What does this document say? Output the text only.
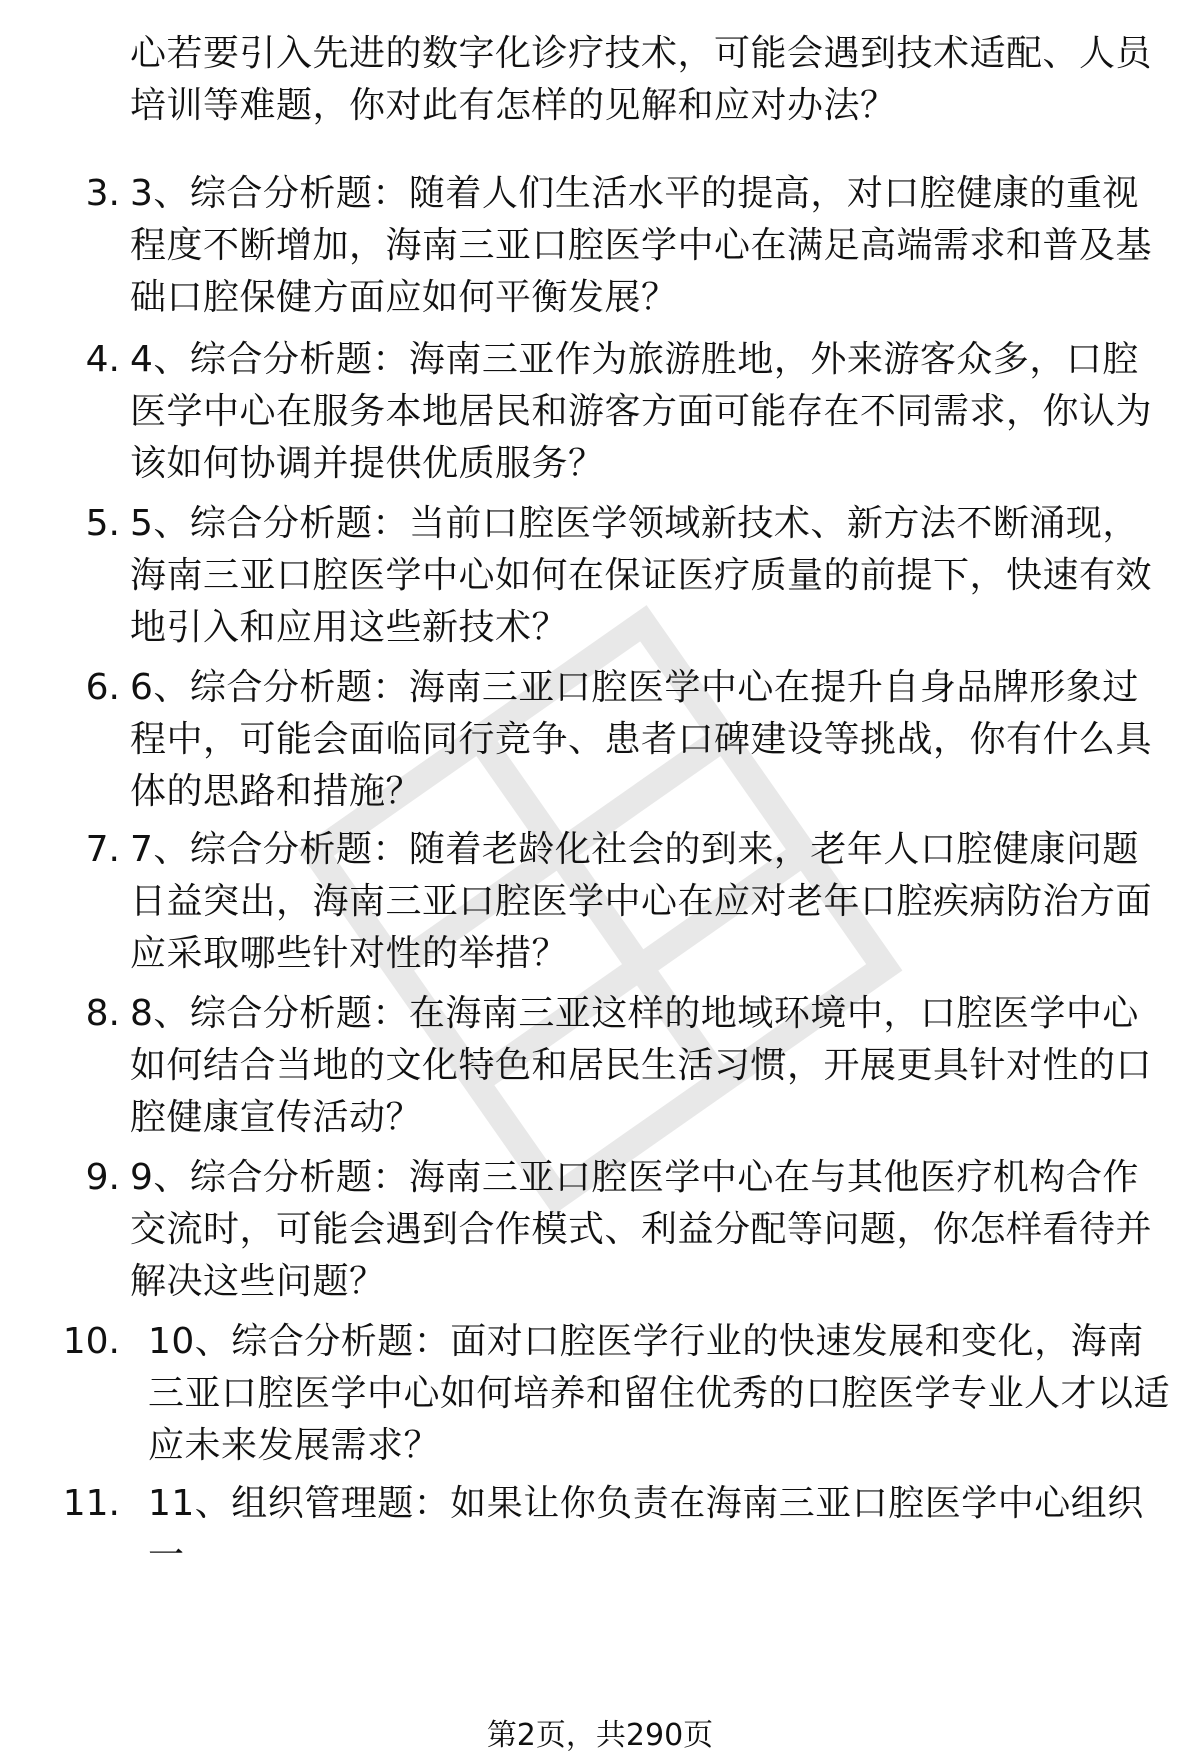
心若要引入先进的数字化诊疗技术，可能会遇到技术适配、人员培训等难题，你对此有怎样的见解和应对办法？
3. 3、综合分析题：随着人们生活水平的提高，对口腔健康的重视程度不断增加，海南三亚口腔医学中心在满足高端需求和普及基础口腔保健方面应如何平衡发展？
4. 4、综合分析题：海南三亚作为旅游胜地，外来游客众多，口腔医学中心在服务本地居民和游客方面可能存在不同需求，你认为该如何协调并提供优质服务？
5. 5、综合分析题：当前口腔医学领域新技术、新方法不断涌现，海南三亚口腔医学中心如何在保证医疗质量的前提下，快速有效地引入和应用这些新技术？
6. 6、综合分析题：海南三亚口腔医学中心在提升自身品牌形象过程中，可能会面临同行竞争、患者口碑建设等挑战，你有什么具体的思路和措施？
7. 7、综合分析题：随着老龄化社会的到来，老年人口腔健康问题日益突出，海南三亚口腔医学中心在应对老年口腔疾病防治方面应采取哪些针对性的举措？
8. 8、综合分析题：在海南三亚这样的地域环境中，口腔医学中心如何结合当地的文化特色和居民生活习惯，开展更具针对性的口腔健康宣传活动？
9. 9、综合分析题：海南三亚口腔医学中心在与其他医疗机构合作交流时，可能会遇到合作模式、利益分配等问题，你怎样看待并解决这些问题？
10. 10、综合分析题：面对口腔医学行业的快速发展和变化，海南三亚口腔医学中心如何培养和留住优秀的口腔医学专业人才以适应未来发展需求？
11. 11、组织管理题：如果让你负责在海南三亚口腔医学中心组织一
第2页，共290页
